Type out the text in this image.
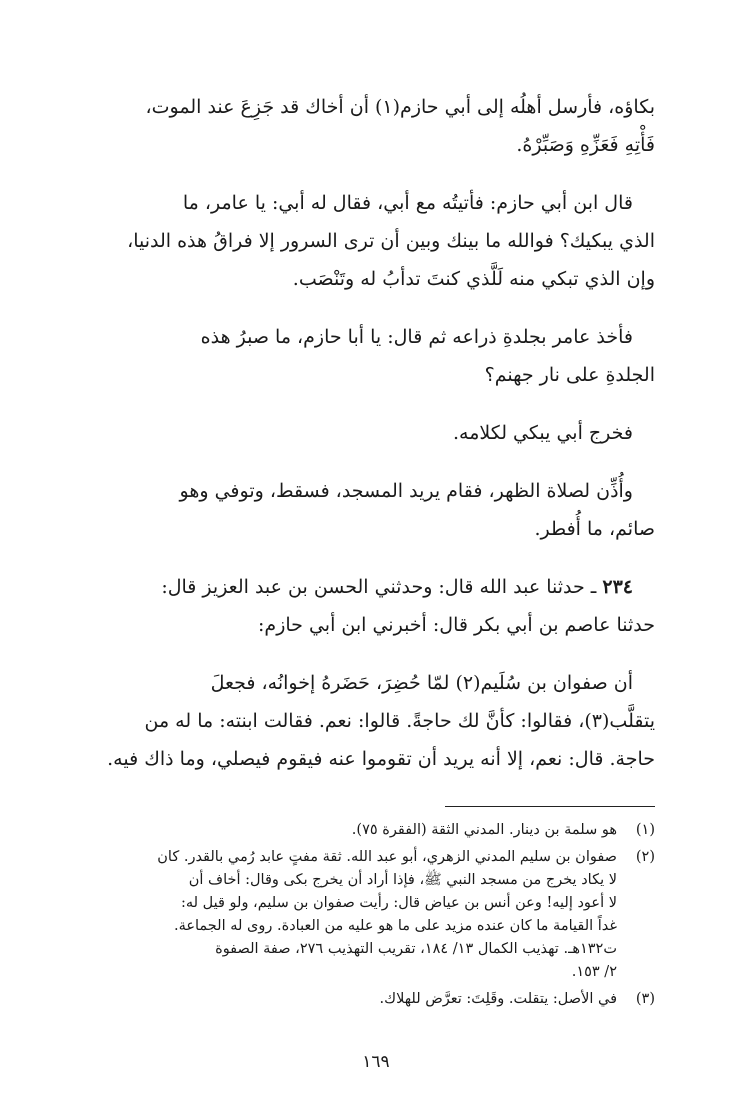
بكاؤه، فأرسل أهلُه إلى أبي حازم(١) أن أخاك قد جَزِعَ عند الموت،
فَأْتِهِ فَعَزِّهِ وَصَبِّرْهُ.

قال ابن أبي حازم: فأتيتُه مع أبي، فقال له أبي: يا عامر، ما
الذي يبكيك؟ فوالله ما بينك وبين أن ترى السرور إلا فراقُ هذه الدنيا،
وإن الذي تبكي منه لَلَّذي كنتَ تدأبُ له وتَنْصَب.

فأخذ عامر بجلدةِ ذراعه ثم قال: يا أبا حازم، ما صبرُ هذه
الجلدةِ على نار جهنم؟

فخرج أبي يبكي لكلامه.

وأُذِّن لصلاة الظهر، فقام يريد المسجد، فسقط، وتوفي وهو
صائم، ما أُفطر.

٢٣٤ ـ حدثنا عبد الله قال: وحدثني الحسن بن عبد العزيز قال:
حدثنا عاصم بن أبي بكر قال: أخبرني ابن أبي حازم:

أن صفوان بن سُلَيم(٢) لمّا حُضِرَ، حَضَرهُ إخوانُه، فجعلَ
يتقلَّب(٣)، فقالوا: كأنَّ لك حاجةً. قالوا: نعم. فقالت ابنته: ما له من
حاجة. قال: نعم، إلا أنه يريد أن تقوموا عنه فيقوم فيصلي، وما ذاك فيه.

(١)
هو سلمة بن دينار. المدني الثقة (الفقرة ٧٥).
(٢)
صفوان بن سليم المدني الزهري، أبو عبد الله. ثقة مفتٍ عابد رُمي بالقدر. كان
لا يكاد يخرج من مسجد النبي ﷺ، فإذا أراد أن يخرج بكى وقال: أخاف أن
لا أعود إليه! وعن أنس بن عياض قال: رأيت صفوان بن سليم، ولو قيل له:
غداً القيامة ما كان عنده مزيد على ما هو عليه من العبادة. روى له الجماعة.
ت١٣٢هـ. تهذيب الكمال ١٣/ ١٨٤، تقريب التهذيب ٢٧٦، صفة الصفوة
٢/ ١٥٣.
(٣)
في الأصل: يتقلت. وقَلِتَ: تعرَّض للهلاك.
١٦٩
